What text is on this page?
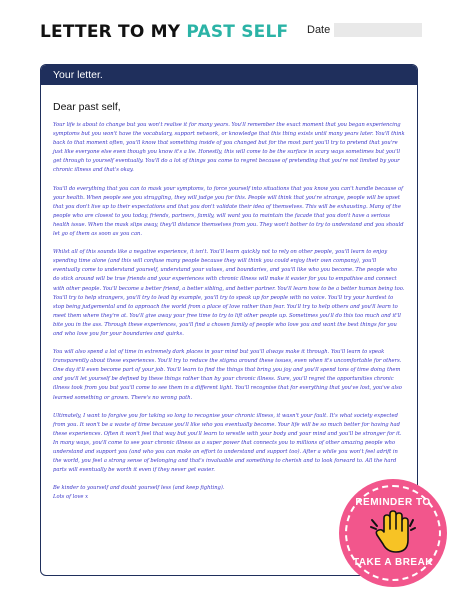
LETTER TO MY PAST SELF Date
Your letter.
Dear past self,

Your life is about to change but you won't realise it for many years. You'll remember the exact moment that you began experiencing symptoms but you won't have the vocabulary, support network, or knowledge that this thing exists until many years later. You'll think back to that moment often, you'll know that something inside of you changed but for the most part you'll try to pretend that you're just like everyone else even though you know it's a lie. Honestly, this will come to be the surface in scary ways sometimes but you'll get through to yourself eventually. You'll do a lot of things you come to regret because of pretending that you're not limited by your chronic illness and that's okay.

You'll do everything that you can to mask your symptoms, to force yourself into situations that you know you can't handle because of your health. When people see you struggling, they will judge you for this. People will think that you're strange, people will be upset that you don't live up to their expectations and that you don't validate their idea of themselves. This will be exhausting. Many of the people who are closest to you today, friends, partners, family, will want you to maintain the facade that you don't have a serious health issue. When the mask slips away, they'll distance themselves from you. They won't bother to try to understand and you should let go of them as soon as you can.

Whilst all of this sounds like a negative experience, it isn't. You'll learn quickly not to rely on other people, you'll learn to enjoy spending time alone (and this will confuse many people because they will think you could enjoy their own company), you'll eventually come to understand yourself, understand your values, and boundaries, and you'll like who you become. The people who do stick around will be true friends and your experiences with chronic illness will make it easier for you to empathise and connect with other people. You'll become a better friend, a better sibling, and better partner. You'll learn how to be a better human being too. You'll try to help strangers, you'll try to lead by example, you'll try to speak up for people with no voice. You'll try your hardest to stop being judgemental and to approach the world from a place of love rather than fear. You'll try to help others and you'll learn to meet them where they're at. You'll give away your free time to try to lift other people up. Sometimes you'll do this too much and it'll bite you in the ass. Through these experiences, you'll find a chosen family of people who love you and want the best things for you and who love you for your boundaries and quirks.

You will also spend a lot of time in extremely dark places in your mind but you'll always make it through. You'll learn to speak transparently about these experiences. You'll try to reduce the stigma around these issues, even when it's uncomfortable for others. One day it'll even become part of your job. You'll learn to find the things that bring you joy and you'll spend tons of time doing them and you'll let yourself be defined by these things rather than by your chronic illness. Sure, you'll regret the opportunities chronic illness took from you but you'll come to see them in a different light. You'll recognise that for everything that you've lost, you've also learned something or grown. There's no wrong path.

Ultimately, I want to forgive you for taking so long to recognise your chronic illness, it wasn't your fault. It's what society expected from you. It won't be a waste of time because you'll like who you eventually become. Your life will be so much better for having had these experiences. Often it won't feel that way but you'll learn to wrestle with your body and your mind and you'll be stronger for it. In many ways, you'll come to see your chronic illness as a super power that connects you to millions of other amazing people who understand and support you (and who you can make an effort to understand and support too). After a while you won't feel adrift in the world, you feel a strong sense of belonging and that's invaluable and something to cherish and to look forward to. All the hard parts will eventually be worth it even if they never get easier.

Be kinder to yourself and doubt yourself less (and keep fighting).

Lots of love x	REMINDER TO
TAKE A BREAK
